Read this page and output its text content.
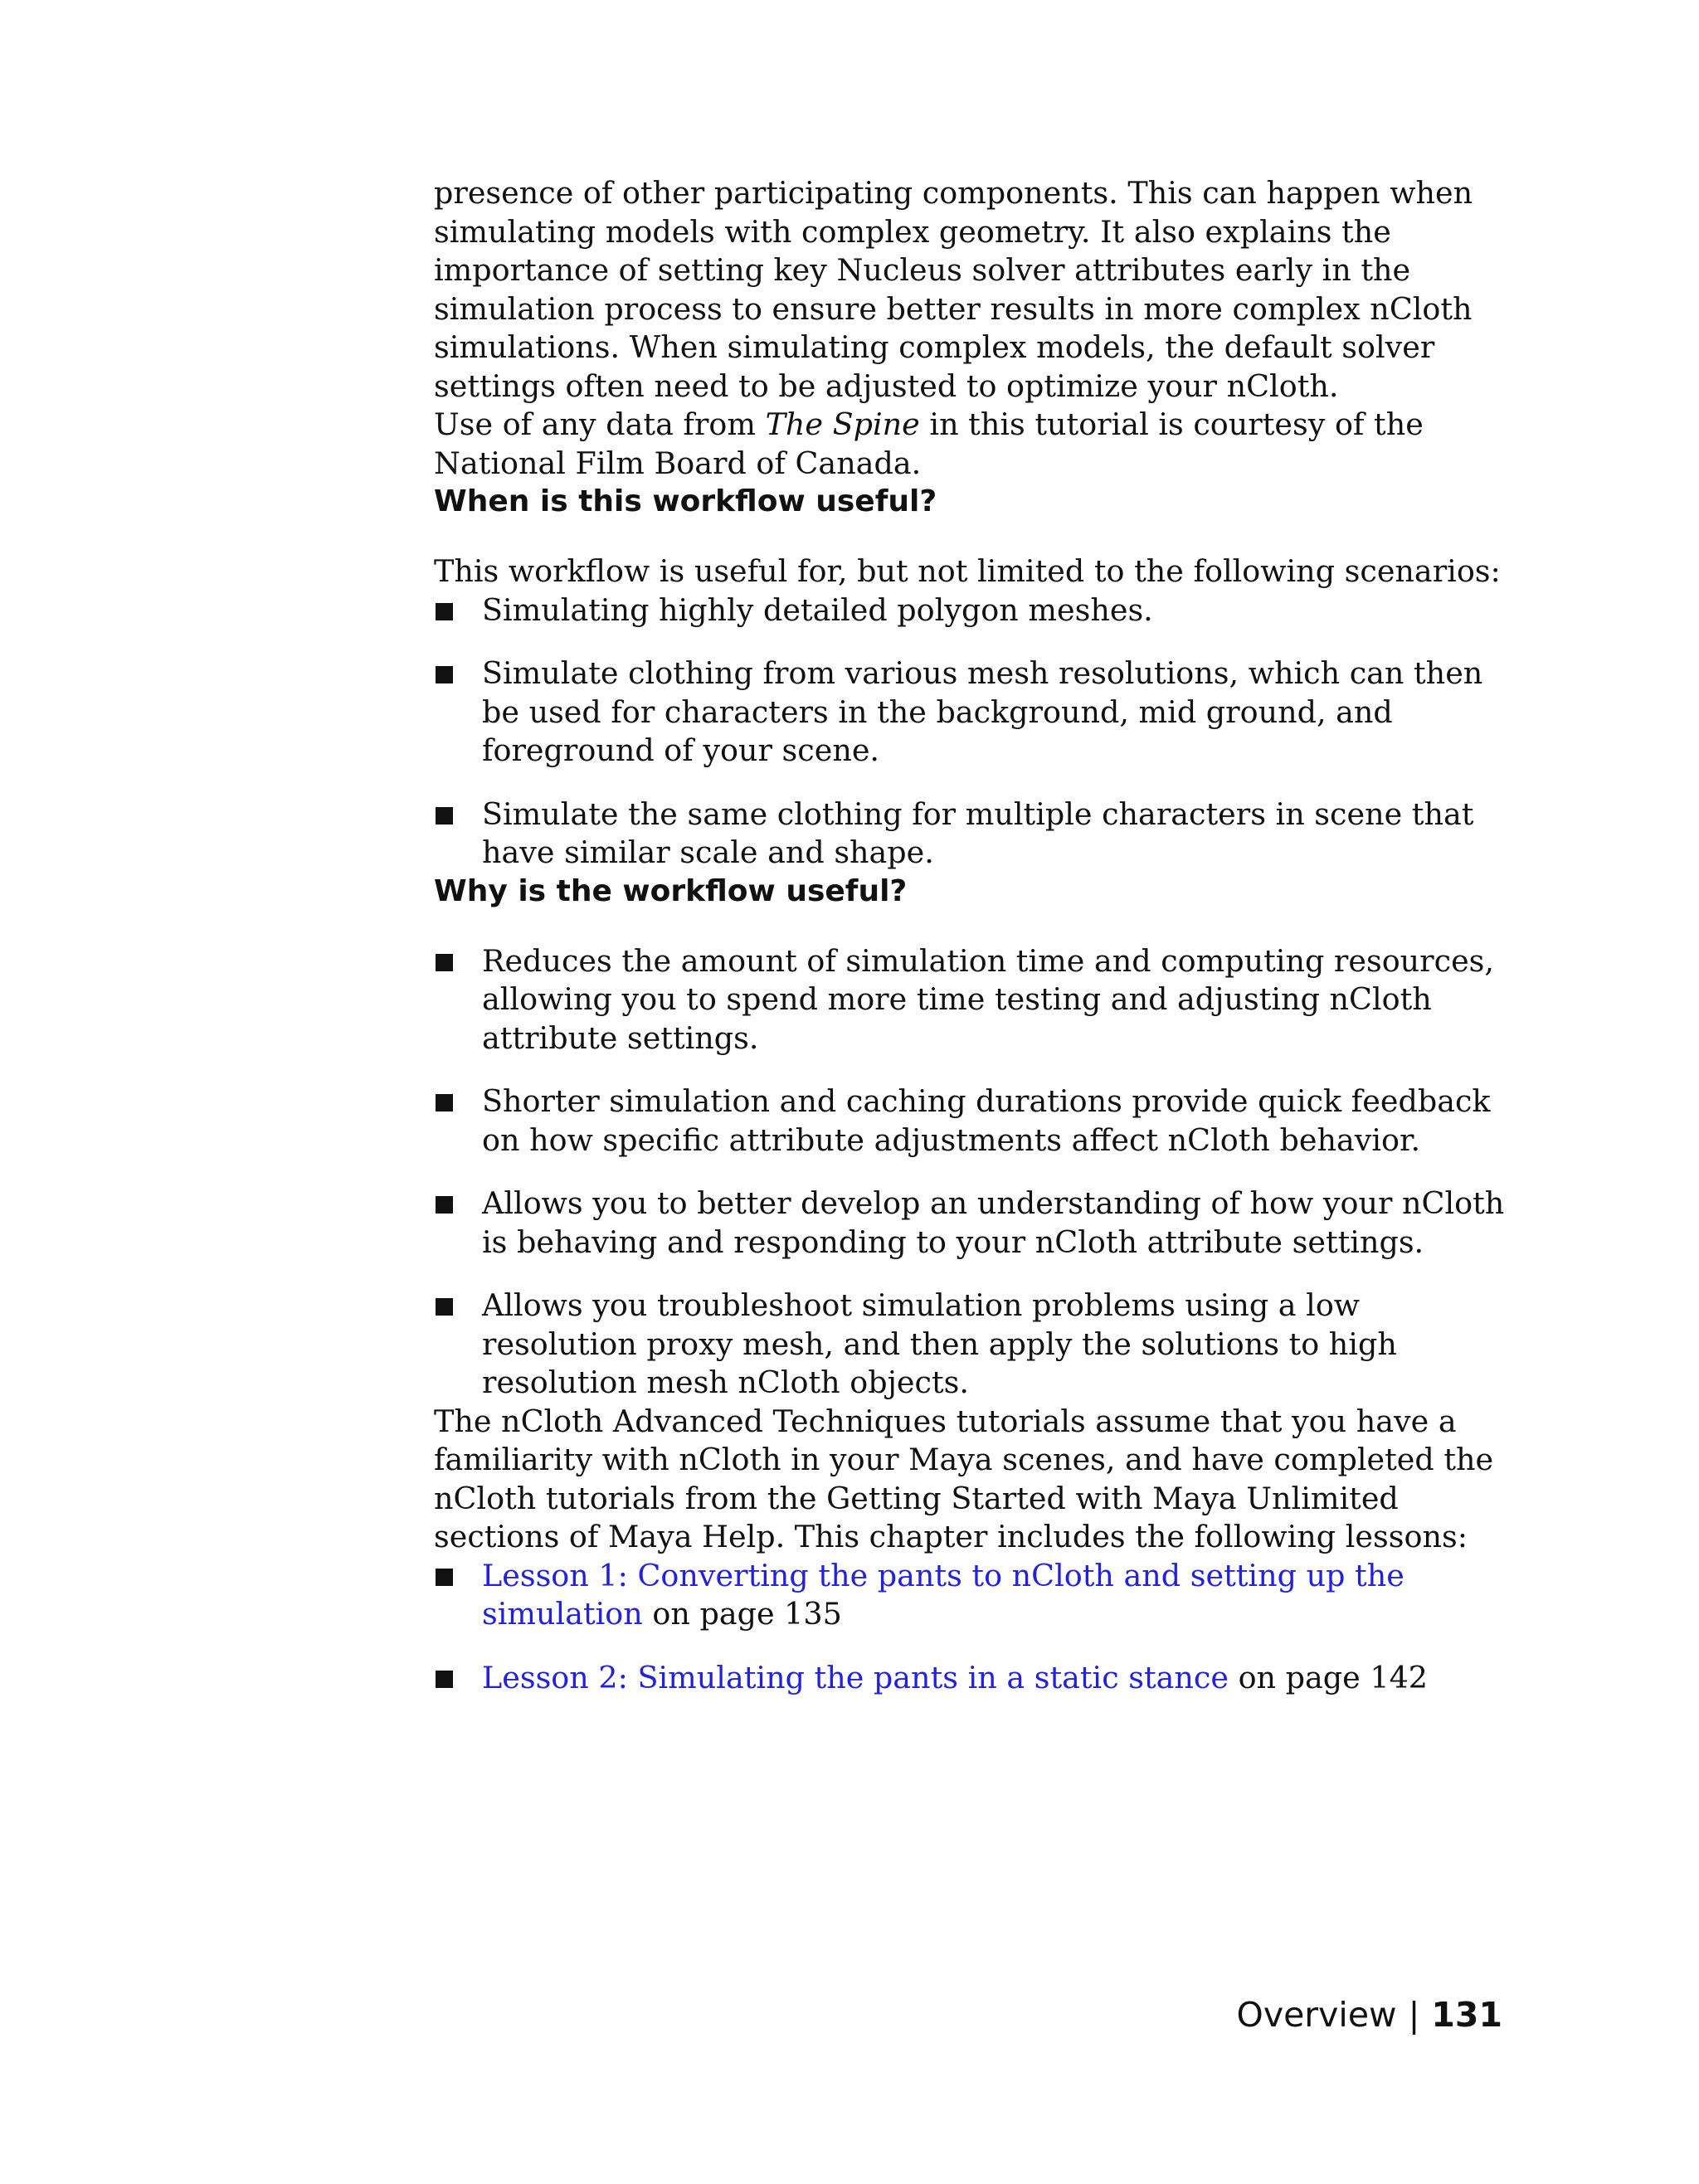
presence of other participating components. This can happen when simulating models with complex geometry. It also explains the importance of setting key Nucleus solver attributes early in the simulation process to ensure better results in more complex nCloth simulations. When simulating complex models, the default solver settings often need to be adjusted to optimize your nCloth.

Use of any data from The Spine in this tutorial is courtesy of the National Film Board of Canada.

When is this workflow useful?

This workflow is useful for, but not limited to the following scenarios:

Simulating highly detailed polygon meshes.
Simulate clothing from various mesh resolutions, which can then be used for characters in the background, mid ground, and foreground of your scene.
Simulate the same clothing for multiple characters in scene that have similar scale and shape.
Why is the workflow useful?
Reduces the amount of simulation time and computing resources, allowing you to spend more time testing and adjusting nCloth attribute settings.
Shorter simulation and caching durations provide quick feedback on how specific attribute adjustments affect nCloth behavior.
Allows you to better develop an understanding of how your nCloth is behaving and responding to your nCloth attribute settings.
Allows you troubleshoot simulation problems using a low resolution proxy mesh, and then apply the solutions to high resolution mesh nCloth objects.

The nCloth Advanced Techniques tutorials assume that you have a familiarity with nCloth in your Maya scenes, and have completed the nCloth tutorials from the Getting Started with Maya Unlimited sections of Maya Help. This chapter includes the following lessons:

Lesson 1: Converting the pants to nCloth and setting up the simulation on page 135
Lesson 2: Simulating the pants in a static stance on page 142
Overview | 131
